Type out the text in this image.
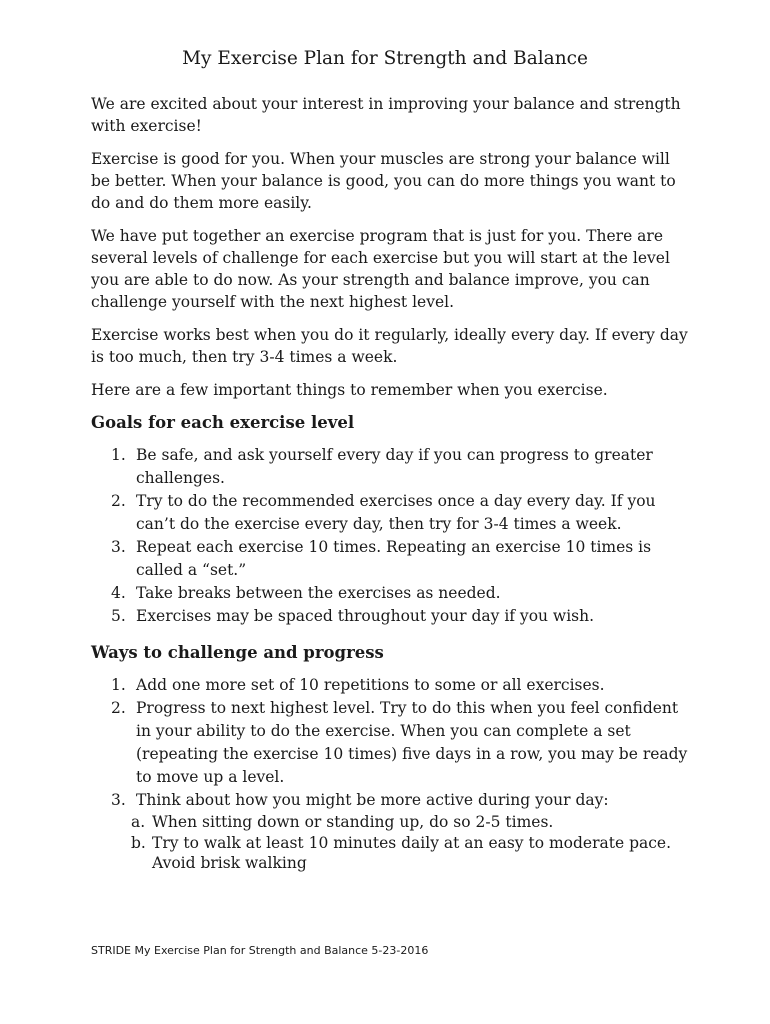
My Exercise Plan for Strength and Balance

We are excited about your interest in improving your balance and strength with exercise!

Exercise is good for you. When your muscles are strong your balance will be better. When your balance is good, you can do more things you want to do and do them more easily.

We have put together an exercise program that is just for you. There are several levels of challenge for each exercise but you will start at the level you are able to do now. As your strength and balance improve, you can challenge yourself with the next highest level.

Exercise works best when you do it regularly, ideally every day. If every day is too much, then try 3-4 times a week.

Here are a few important things to remember when you exercise.

Goals for each exercise level
1. Be safe, and ask yourself every day if you can progress to greater challenges.
2. Try to do the recommended exercises once a day every day. If you can’t do the exercise every day, then try for 3-4 times a week.
3. Repeat each exercise 10 times. Repeating an exercise 10 times is called a “set.”
4. Take breaks between the exercises as needed.
5. Exercises may be spaced throughout your day if you wish.
Ways to challenge and progress
1. Add one more set of 10 repetitions to some or all exercises.
2. Progress to next highest level. Try to do this when you feel confident in your ability to do the exercise. When you can complete a set (repeating the exercise 10 times) five days in a row, you may be ready to move up a level.
3. Think about how you might be more active during your day:
a. When sitting down or standing up, do so 2-5 times.
b. Try to walk at least 10 minutes daily at an easy to moderate pace. Avoid brisk walking
STRIDE My Exercise Plan for Strength and Balance 5-23-2016
